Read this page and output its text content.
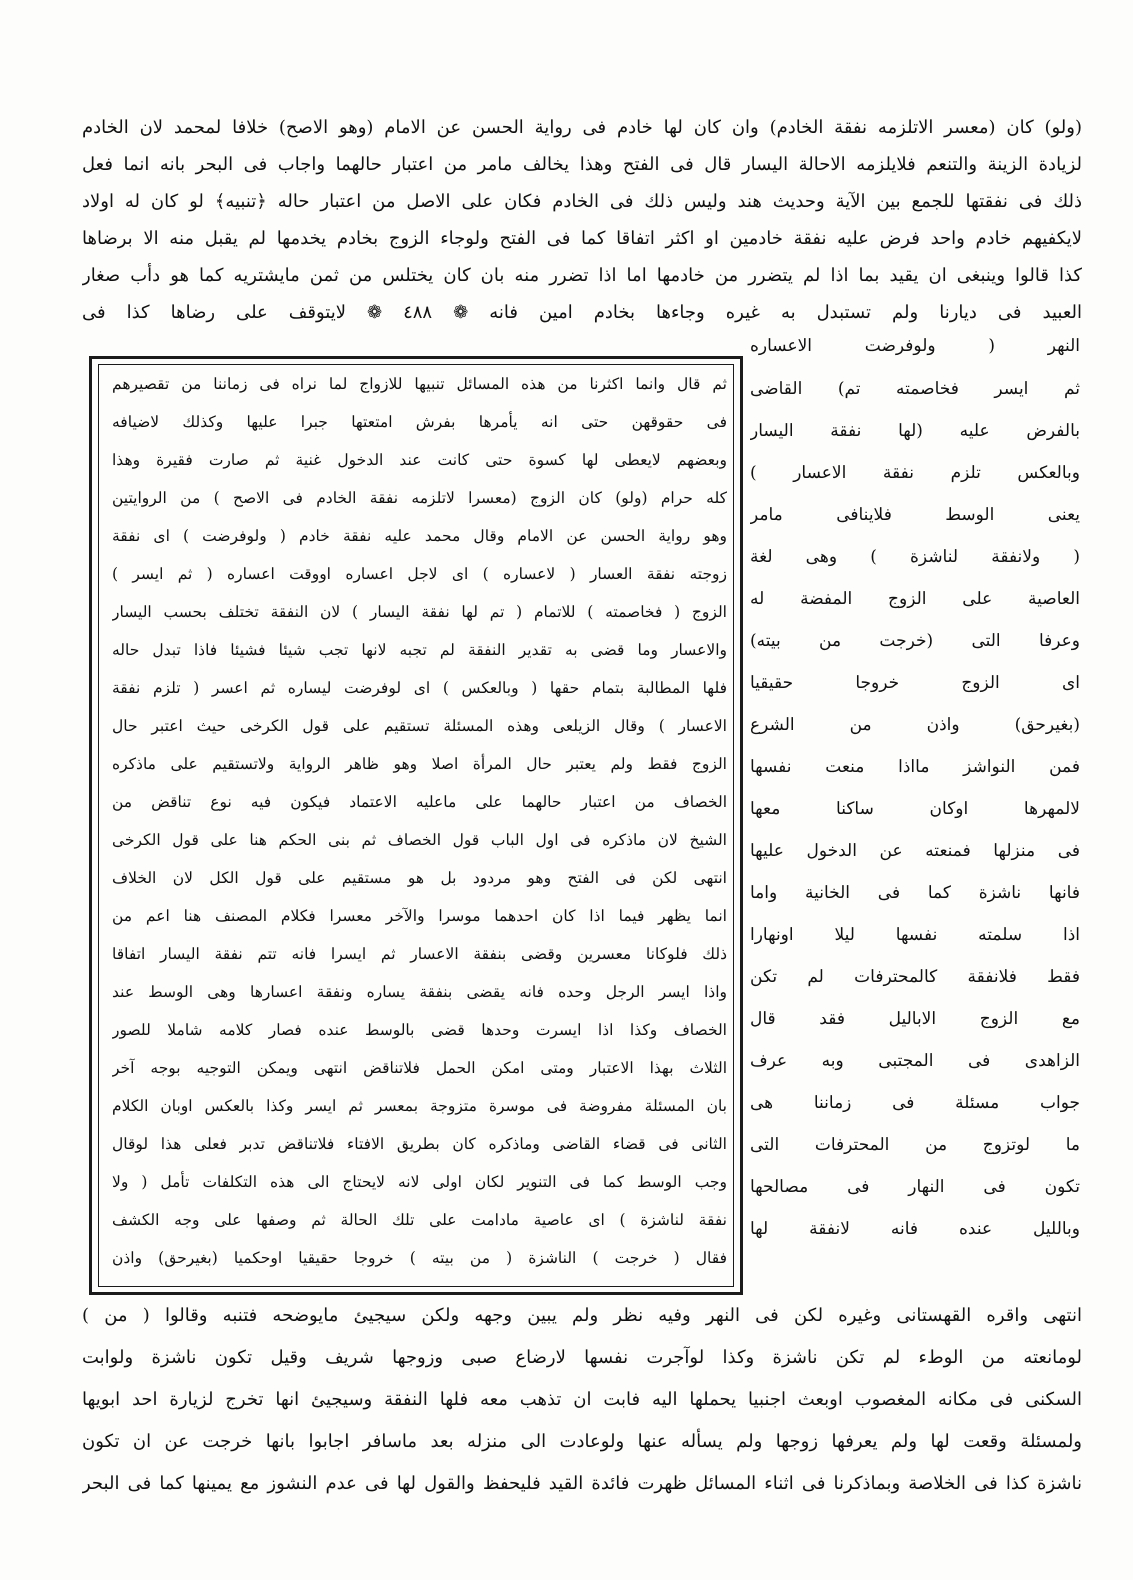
(ولو) كان (معسر الاتلزمه نفقة الخادم) وان كان لها خادم فى رواية الحسن عن الامام (وهو الاصح) خلافا لمحمد لان الخادم
لزيادة الزينة والتنعم فلايلزمه الاحالة اليسار قال فى الفتح وهذا يخالف مامر من اعتبار حالهما واجاب فى البحر بانه انما فعل
ذلك فى نفقتها للجمع بين الآية وحديث هند وليس ذلك فى الخادم فكان على الاصل من اعتبار حاله ﴿تنبيه﴾ لو كان له اولاد
لايكفيهم خادم واحد فرض عليه نفقة خادمين او اكثر اتفاقا كما فى الفتح ولوجاء الزوج بخادم يخدمها لم يقبل منه الا برضاها
كذا قالوا وينبغى ان يقيد بما اذا لم يتضرر من خادمها اما اذا تضرر منه بان كان يختلس من ثمن مايشتريه كما هو دأب صغار
العبيد فى ديارنا ولم تستبدل به غيره وجاءها بخادم امين فانه ❁ ٤٨٨ ❁ لايتوقف على رضاها كذا فى
النهر ( ولوفرضت الاعساره
ثم ايسر فخاصمته تم) القاضى
بالفرض عليه (لها نفقة اليسار
وبالعكس تلزم نفقة الاعسار )
يعنى الوسط فلاينافى مامر
( ولانفقة لناشزة ) وهى لغة
العاصية على الزوج المفضة له
وعرفا التى (خرجت من بيته)
اى الزوج خروجا حقيقيا
(بغيرحق) واذن من الشرع
فمن النواشز مااذا منعت نفسها
لالمهرها اوكان ساكنا معها
فى منزلها فمنعته عن الدخول عليها
فانها ناشزة كما فى الخانية واما
اذا سلمته نفسها ليلا اونهارا
فقط فلانفقة كالمحترفات لم تكن
مع الزوج الاباليل فقد قال
الزاهدى فى المجتبى وبه عرف
جواب مسئلة فى زماننا هى
ما لوتزوج من المحترفات التى
تكون فى النهار فى مصالحها
وبالليل عنده فانه لانفقة لها
ثم قال وانما اكثرنا من هذه المسائل تنبيها للازواج لما نراه فى زماننا من تقصيرهم
فى حقوقهن حتى انه يأمرها بفرش امتعتها جبرا عليها وكذلك لاضيافه
وبعضهم لايعطى لها كسوة حتى كانت عند الدخول غنية ثم صارت فقيرة وهذا
كله حرام (ولو) كان الزوج (معسرا لاتلزمه نفقة الخادم فى الاصح ) من الروايتين
وهو رواية الحسن عن الامام وقال محمد عليه نفقة خادم ( ولوفرضت ) اى نفقة
زوجته نفقة العسار ( لاعساره ) اى لاجل اعساره اووقت اعساره ( ثم ايسر )
الزوج ( فخاصمته ) للاتمام ( تم لها نفقة اليسار ) لان النفقة تختلف بحسب اليسار
والاعسار وما قضى به تقدير النفقة لم تجبه لانها تجب شيئا فشيئا فاذا تبدل حاله
فلها المطالبة بتمام حقها ( وبالعكس ) اى لوفرضت ليساره ثم اعسر ( تلزم نفقة
الاعسار ) وقال الزيلعى وهذه المسئلة تستقيم على قول الكرخى حيث اعتبر حال
الزوج فقط ولم يعتبر حال المرأة اصلا وهو ظاهر الرواية ولاتستقيم على ماذكره
الخصاف من اعتبار حالهما على ماعليه الاعتماد فيكون فيه نوع تناقض من
الشيخ لان ماذكره فى اول الباب قول الخصاف ثم بنى الحكم هنا على قول الكرخى
انتهى لكن فى الفتح وهو مردود بل هو مستقيم على قول الكل لان الخلاف
انما يظهر فيما اذا كان احدهما موسرا والآخر معسرا فكلام المصنف هنا اعم من
ذلك فلوكانا معسرين وقضى بنفقة الاعسار ثم ايسرا فانه تتم نفقة اليسار اتفاقا
واذا ايسر الرجل وحده فانه يقضى بنفقة يساره ونفقة اعسارها وهى الوسط عند
الخصاف وكذا اذا ايسرت وحدها قضى بالوسط عنده فصار كلامه شاملا للصور
الثلاث بهذا الاعتبار ومتى امكن الحمل فلاتناقض انتهى ويمكن التوجيه بوجه آخر
بان المسئلة مفروضة فى موسرة متزوجة بمعسر ثم ايسر وكذا بالعكس اوبان الكلام
الثانى فى قضاء القاضى وماذكره كان بطريق الافتاء فلاتناقض تدبر فعلى هذا لوقال
وجب الوسط كما فى التنوير لكان اولى لانه لايحتاج الى هذه التكلفات تأمل ( ولا
نفقة لناشزة ) اى عاصية مادامت على تلك الحالة ثم وصفها على وجه الكشف
فقال ( خرجت ) الناشزة ( من بيته ) خروجا حقيقيا اوحكميا (بغيرحق) واذن
انتهى واقره القهستانى وغيره لكن فى النهر وفيه نظر ولم يبين وجهه ولكن سيجيئ مايوضحه فتنبه وقالوا ( من )
لومانعته من الوطء لم تكن ناشزة وكذا لوآجرت نفسها لارضاع صبى وزوجها شريف وقيل تكون ناشزة ولوابت
السكنى فى مكانه المغصوب اوبعث اجنبيا يحملها اليه فابت ان تذهب معه فلها النفقة وسيجيئ انها تخرج لزيارة احد ابويها
ولمسئلة وقعت لها ولم يعرفها زوجها ولم يسأله عنها ولوعادت الى منزله بعد ماسافر اجابوا بانها خرجت عن ان تكون
ناشزة كذا فى الخلاصة وبماذكرنا فى اثناء المسائل ظهرت فائدة القيد فليحفظ والقول لها فى عدم النشوز مع يمينها كما فى البحر
